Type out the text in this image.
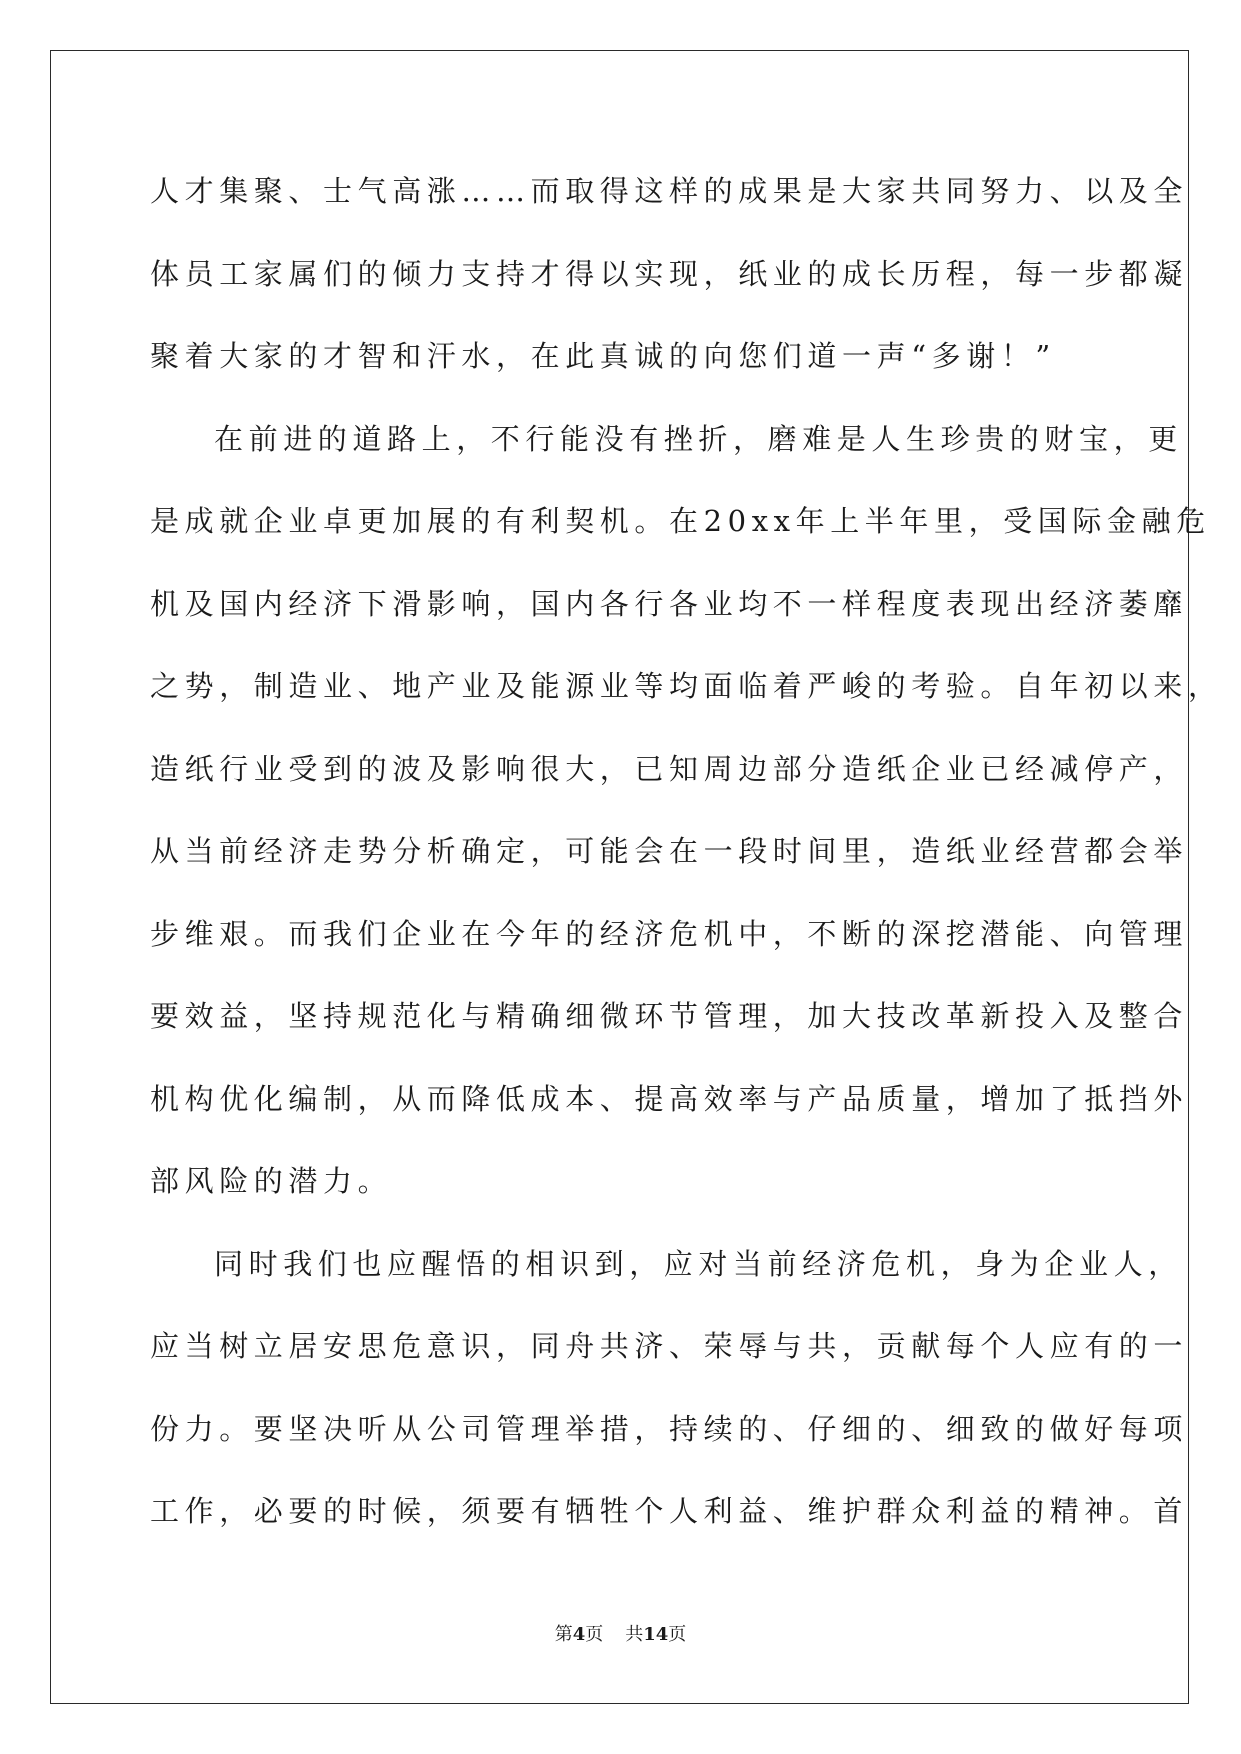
人才集聚、士气高涨……而取得这样的成果是大家共同努力、以及全
体员工家属们的倾力支持才得以实现，纸业的成长历程，每一步都凝
聚着大家的才智和汗水，在此真诚的向您们道一声“多谢！”
在前进的道路上，不行能没有挫折，磨难是人生珍贵的财宝，更
是成就企业卓更加展的有利契机。在20xx年上半年里，受国际金融危
机及国内经济下滑影响，国内各行各业均不一样程度表现出经济萎靡
之势，制造业、地产业及能源业等均面临着严峻的考验。自年初以来，
造纸行业受到的波及影响很大，已知周边部分造纸企业已经减停产，
从当前经济走势分析确定，可能会在一段时间里，造纸业经营都会举
步维艰。而我们企业在今年的经济危机中，不断的深挖潜能、向管理
要效益，坚持规范化与精确细微环节管理，加大技改革新投入及整合
机构优化编制，从而降低成本、提高效率与产品质量，增加了抵挡外
部风险的潜力。
同时我们也应醒悟的相识到，应对当前经济危机，身为企业人，
应当树立居安思危意识，同舟共济、荣辱与共，贡献每个人应有的一
份力。要坚决听从公司管理举措，持续的、仔细的、细致的做好每项
工作，必要的时候，须要有牺牲个人利益、维护群众利益的精神。首
第4页 共14页
